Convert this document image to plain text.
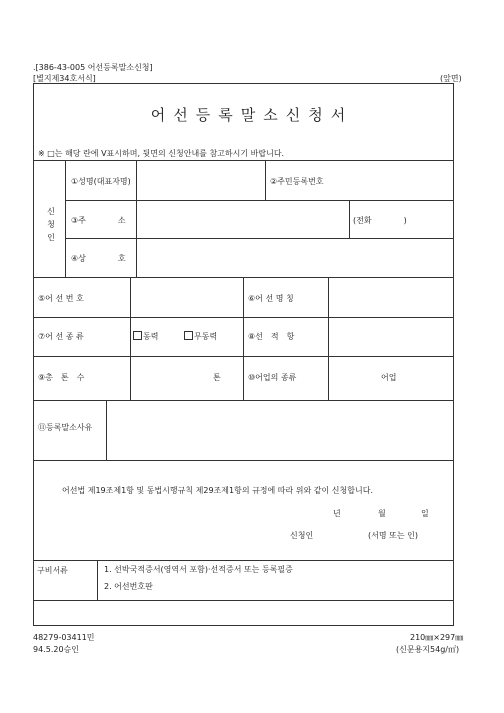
.[386-43-005 어선등록말소신청]
[별지제34호서식]	(앞면)
어선등록말소신청서
※ □는 해당 란에 V표시하며, 뒷면의 신청안내를 참고하시기 바랍니다.
신청인
①성명(대표자명)	②주민등록번호
③주　　　　소	(전화　　　　)
④상　　　　호
⑤어 선 번 호	⑥어 선 명 칭
⑦어 선 종 류	동력	무동력	⑧선　적　항
⑨총　톤　수	톤	⑩어업의 종류	어업
⑪등록말소사유
어선법 제19조제1항 및 동법시행규칙 제29조제1항의 규정에 따라 위와 같이 신청합니다.
년	월	일
신청인	(서명 또는 인)
구비서류	1. 선박국적증서(영역서 포함)·선적증서 또는 등록필증
2. 어선번호판
48279-03411민
94.5.20승인
210㎜×297㎜
(신문용지54g/㎡)
